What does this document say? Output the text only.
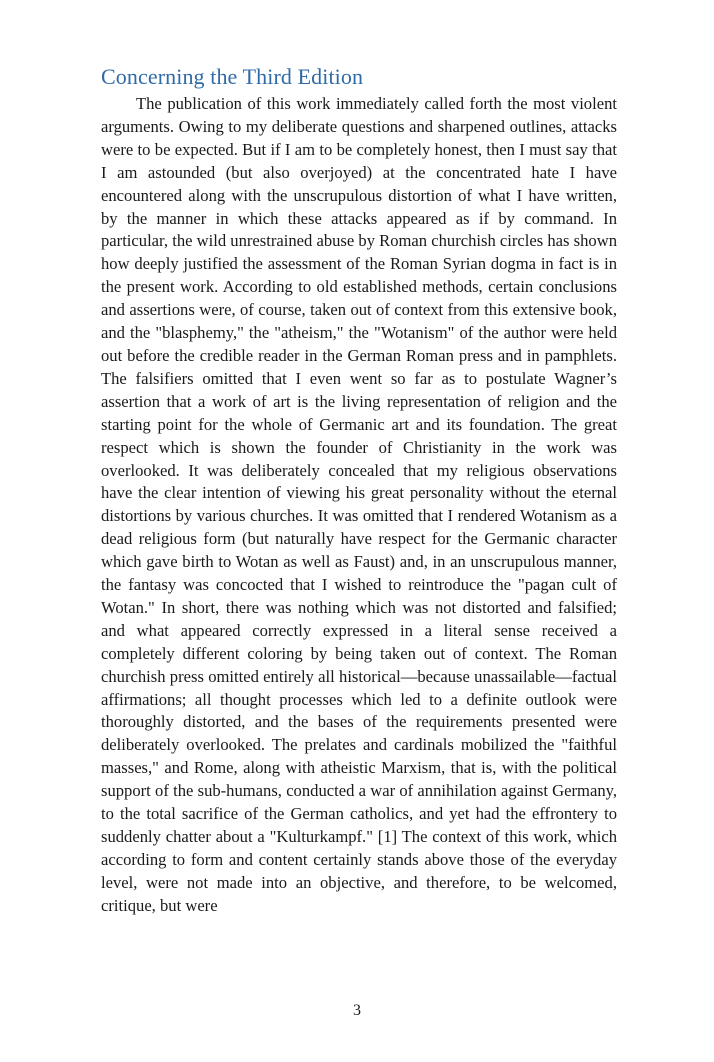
Concerning the Third Edition

The publication of this work immediately called forth the most violent arguments. Owing to my deliberate questions and sharpened outlines, attacks were to be expected. But if I am to be completely honest, then I must say that I am astounded (but also overjoyed) at the concentrated hate I have encountered along with the unscrupulous distortion of what I have written, by the manner in which these attacks appeared as if by command. In particular, the wild unrestrained abuse by Roman churchish circles has shown how deeply justified the assessment of the Roman Syrian dogma in fact is in the present work. According to old established methods, certain conclusions and assertions were, of course, taken out of context from this extensive book, and the "blasphemy," the "atheism," the "Wotanism" of the author were held out before the credible reader in the German Roman press and in pamphlets. The falsifiers omitted that I even went so far as to postulate Wagner’s assertion that a work of art is the living representation of religion and the starting point for the whole of Germanic art and its foundation. The great respect which is shown the founder of Christianity in the work was overlooked. It was deliberately concealed that my religious observations have the clear intention of viewing his great personality without the eternal distortions by various churches. It was omitted that I rendered Wotanism as a dead religious form (but naturally have respect for the Germanic character which gave birth to Wotan as well as Faust) and, in an unscrupulous manner, the fantasy was concocted that I wished to reintroduce the "pagan cult of Wotan." In short, there was nothing which was not distorted and falsified; and what appeared correctly expressed in a literal sense received a completely different coloring by being taken out of context. The Roman churchish press omitted entirely all historical—because unassailable—factual affirmations; all thought processes which led to a definite outlook were thoroughly distorted, and the bases of the requirements presented were deliberately overlooked. The prelates and cardinals mobilized the "faithful masses," and Rome, along with atheistic Marxism, that is, with the political support of the sub-humans, conducted a war of annihilation against Germany, to the total sacrifice of the German catholics, and yet had the effrontery to suddenly chatter about a "Kulturkampf." [1] The context of this work, which according to form and content certainly stands above those of the everyday level, were not made into an objective, and therefore, to be welcomed, critique, but were

3
